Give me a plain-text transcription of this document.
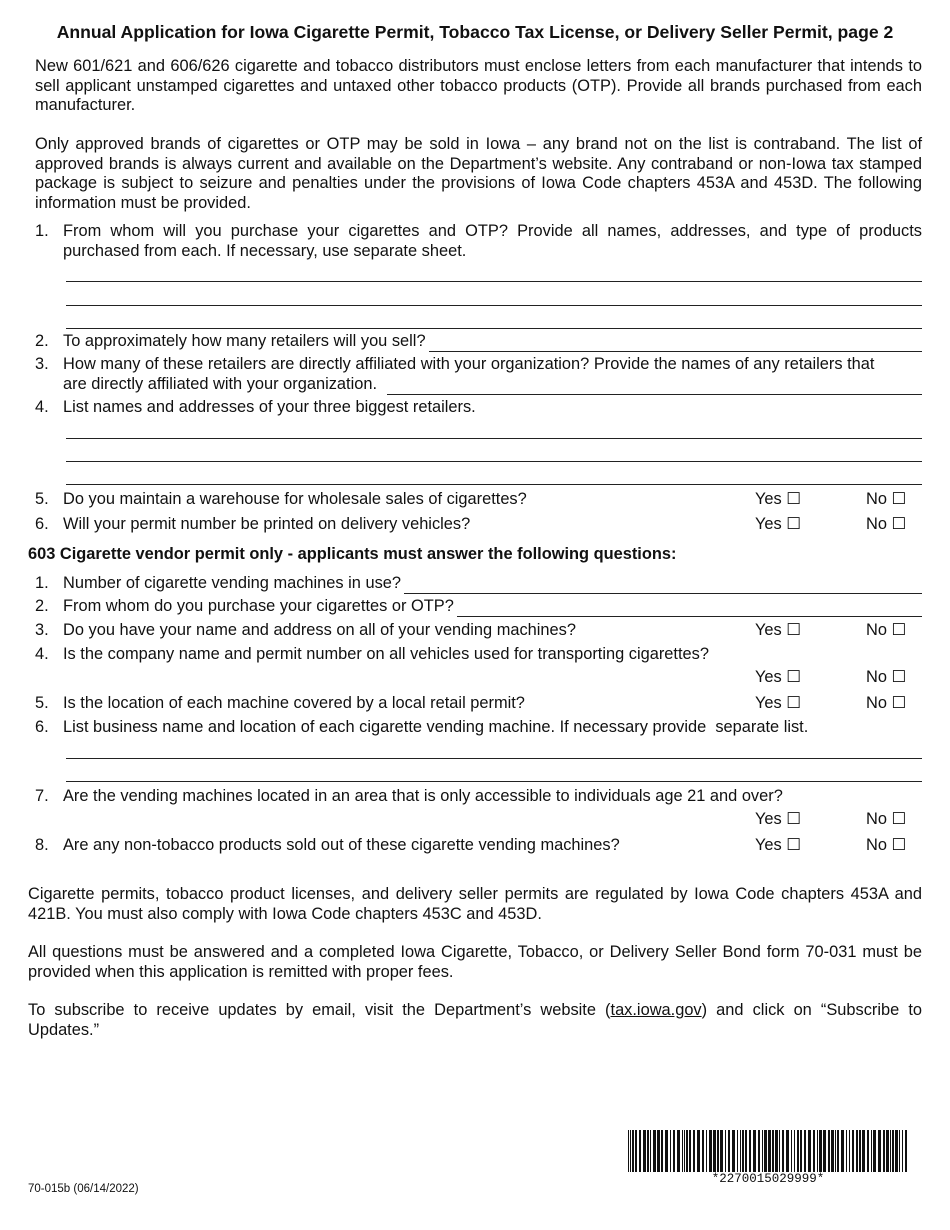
Annual Application for Iowa Cigarette Permit, Tobacco Tax License, or Delivery Seller Permit, page 2
New 601/621 and 606/626 cigarette and tobacco distributors must enclose letters from each manufacturer that intends to sell applicant unstamped cigarettes and untaxed other tobacco products (OTP). Provide all brands purchased from each manufacturer.
Only approved brands of cigarettes or OTP may be sold in Iowa – any brand not on the list is contraband. The list of approved brands is always current and available on the Department’s website. Any contraband or non-Iowa tax stamped package is subject to seizure and penalties under the provisions of Iowa Code chapters 453A and 453D. The following information must be provided.
1. From whom will you purchase your cigarettes and OTP? Provide all names, addresses, and type of products purchased from each. If necessary, use separate sheet.
2. To approximately how many retailers will you sell?
3. How many of these retailers are directly affiliated with your organization? Provide the names of any retailers that
are directly affiliated with your organization.
4. List names and addresses of your three biggest retailers.
5. Do you maintain a warehouse for wholesale sales of cigarettes?	Yes ☐	No ☐
6. Will your permit number be printed on delivery vehicles?	Yes ☐	No ☐
603 Cigarette vendor permit only - applicants must answer the following questions:
1. Number of cigarette vending machines in use?
2. From whom do you purchase your cigarettes or OTP?
3. Do you have your name and address on all of your vending machines?	Yes ☐	No ☐
4. Is the company name and permit number on all vehicles used for transporting cigarettes?
Yes ☐	No ☐
5. Is the location of each machine covered by a local retail permit?	Yes ☐	No ☐
6. List business name and location of each cigarette vending machine. If necessary provide  separate list.
7. Are the vending machines located in an area that is only accessible to individuals age 21 and over?
Yes ☐	No ☐
8. Are any non-tobacco products sold out of these cigarette vending machines?	Yes ☐	No ☐
Cigarette permits, tobacco product licenses, and delivery seller permits are regulated by Iowa Code chapters 453A and 421B. You must also comply with Iowa Code chapters 453C and 453D.
All questions must be answered and a completed Iowa Cigarette, Tobacco, or Delivery Seller Bond form 70-031 must be provided when this application is remitted with proper fees.
To subscribe to receive updates by email, visit the Department’s website (tax.iowa.gov) and click on “Subscribe to Updates.”
*2270015029999*
70-015b (06/14/2022)
